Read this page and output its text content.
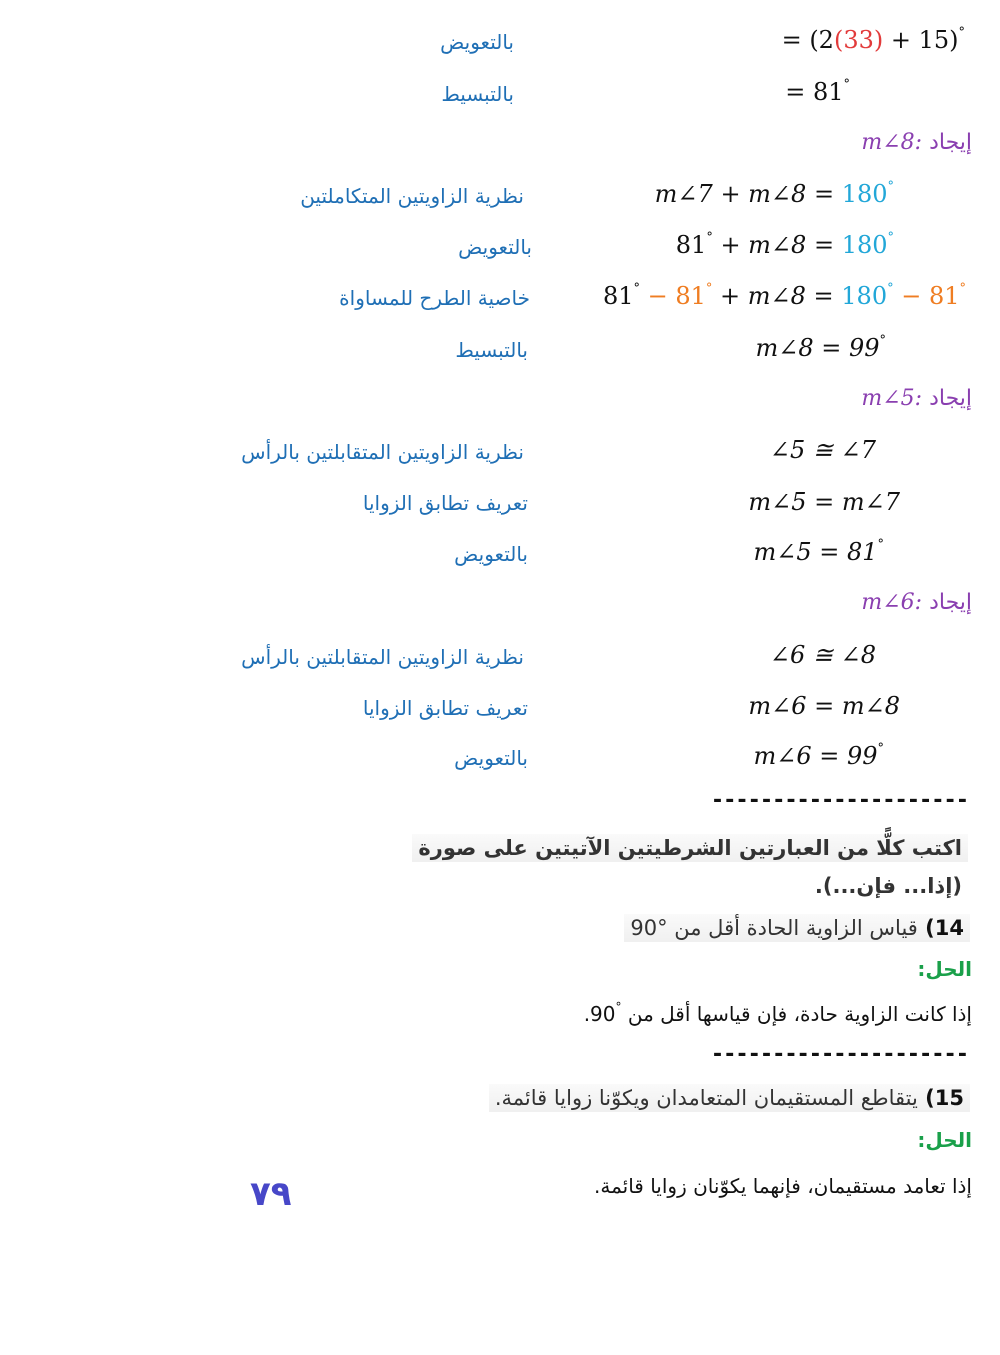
= (2(33) + 15)°
بالتعويض
= 81°
بالتبسيط
إيجاد m∠8:
m∠7 + m∠8 = 180°
نظرية الزاويتين المتكاملتين
81° + m∠8 = 180°
بالتعويض
81° − 81° + m∠8 = 180° − 81°
خاصية الطرح للمساواة
m∠8 = 99°
بالتبسيط
إيجاد m∠5:
∠5 ≅ ∠7
نظرية الزاويتين المتقابلتين بالرأس
m∠5 = m∠7
تعريف تطابق الزوايا
m∠5 = 81°
بالتعويض
إيجاد m∠6:
∠6 ≅ ∠8
نظرية الزاويتين المتقابلتين بالرأس
m∠6 = m∠8
تعريف تطابق الزوايا
m∠6 = 99°
بالتعويض
---------------------
اكتب كلًّا من العبارتين الشرطيتين الآتيتين على صورة
(إذا... فإن...).
14) قياس الزاوية الحادة أقل من °90
الحل:
إذا كانت الزاوية حادة، فإن قياسها أقل من °90.
---------------------
15) يتقاطع المستقيمان المتعامدان ويكوّنا زوايا قائمة.
الحل:
إذا تعامد مستقيمان، فإنهما يكوّنان زوايا قائمة.
٧٩
